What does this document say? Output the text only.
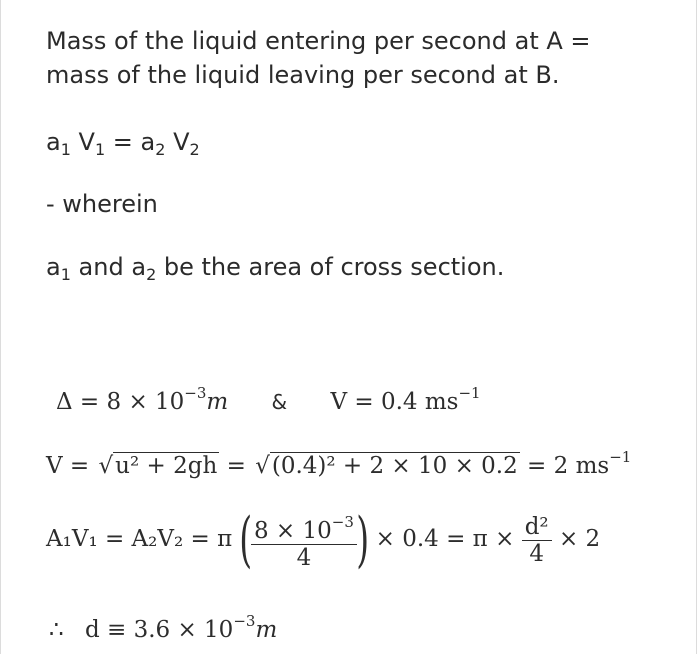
Mass of the liquid entering per second at A =
mass of the liquid leaving per second at B.
$a_1$ $V_1 = a_2$ $V_2$
- wherein
$a_1$ and $a_2$ be the area of cross section.
$\Delta = 8 \times 10^{-3}m$ & V = 0.4 $ms^{-1}$
V = √u² + 2gh = √(0.4)² + 2 × 10 × 0.2 = 2 $ms^{-1}$
A₁V₁ = A₂V₂ = π ( $\frac{8 \times 10^{-3}}{4}$ ) × $0.4 = \pi \times \frac{\text{d²}}{4} \times 2$
∴ $d \equiv 3.6 \times 10^{-3}m$
